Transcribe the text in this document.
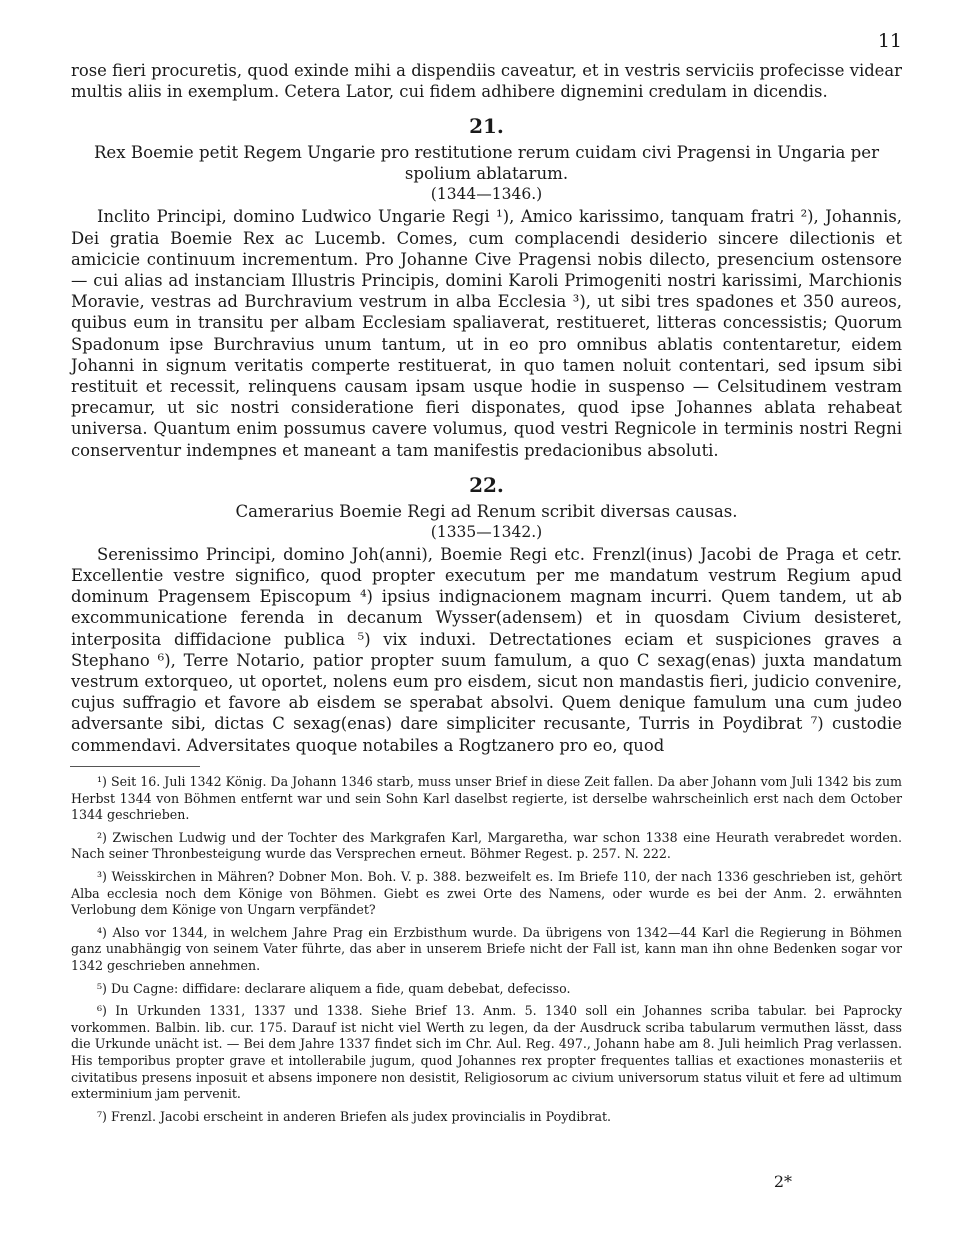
11

rose fieri procuretis, quod exinde mihi a dispendiis caveatur, et in vestris serviciis profecisse videar multis aliis in exemplum. Cetera Lator, cui fidem adhibere dignemini credulam in dicendis.

21.
Rex Boemie petit Regem Ungarie pro restitutione rerum cuidam civi Pragensi in Ungaria per spolium ablatarum.
(1344—1346.)

Inclito Principi, domino Ludwico Ungarie Regi ¹), Amico karissimo, tanquam fratri ²), Johannis, Dei gratia Boemie Rex ac Lucemb. Comes, cum complacendi desiderio sincere dilectionis et amicicie continuum incrementum. Pro Johanne Cive Pragensi nobis dilecto, presencium ostensore — cui alias ad instanciam Illustris Principis, domini Karoli Primogeniti nostri karissimi, Marchionis Moravie, vestras ad Burchravium vestrum in alba Ecclesia ³), ut sibi tres spadones et 350 aureos, quibus eum in transitu per albam Ecclesiam spaliaverat, restitueret, litteras concessistis; Quorum Spadonum ipse Burchravius unum tantum, ut in eo pro omnibus ablatis contentaretur, eidem Johanni in signum veritatis comperte restituerat, in quo tamen noluit contentari, sed ipsum sibi restituit et recessit, relinquens causam ipsam usque hodie in suspenso — Celsitudinem vestram precamur, ut sic nostri consideratione fieri disponates, quod ipse Johannes ablata rehabeat universa. Quantum enim possumus cavere volumus, quod vestri Regnicole in terminis nostri Regni conserventur indempnes et maneant a tam manifestis predacionibus absoluti.

22.
Camerarius Boemie Regi ad Renum scribit diversas causas.
(1335—1342.)

Serenissimo Principi, domino Joh(anni), Boemie Regi etc. Frenzl(inus) Jacobi de Praga et cetr. Excellentie vestre significo, quod propter executum per me mandatum vestrum Regium apud dominum Pragensem Episcopum ⁴) ipsius indignacionem magnam incurri. Quem tandem, ut ab excommunicatione ferenda in decanum Wysser(adensem) et in quosdam Civium desisteret, interposita diffidacione publica ⁵) vix induxi. Detrectationes eciam et suspiciones graves a Stephano ⁶), Terre Notario, patior propter suum famulum, a quo C sexag(enas) juxta mandatum vestrum extorqueo, ut oportet, nolens eum pro eisdem, sicut non mandastis fieri, judicio convenire, cujus suffragio et favore ab eisdem se sperabat absolvi. Quem denique famulum una cum judeo adversante sibi, dictas C sexag(enas) dare simpliciter recusante, Turris in Poydibrat ⁷) custodie commendavi. Adversitates quoque notabiles a Rogtzanero pro eo, quod

¹) Seit 16. Juli 1342 König. Da Johann 1346 starb, muss unser Brief in diese Zeit fallen. Da aber Johann vom Juli 1342 bis zum Herbst 1344 von Böhmen entfernt war und sein Sohn Karl daselbst regierte, ist derselbe wahrscheinlich erst nach dem October 1344 geschrieben.

²) Zwischen Ludwig und der Tochter des Markgrafen Karl, Margaretha, war schon 1338 eine Heurath verabredet worden. Nach seiner Thronbesteigung wurde das Versprechen erneut. Böhmer Regest. p. 257. N. 222.

³) Weisskirchen in Mähren? Dobner Mon. Boh. V. p. 388. bezweifelt es. Im Briefe 110, der nach 1336 geschrieben ist, gehört Alba ecclesia noch dem Könige von Böhmen. Giebt es zwei Orte des Namens, oder wurde es bei der Anm. 2. erwähnten Verlobung dem Könige von Ungarn verpfändet?

⁴) Also vor 1344, in welchem Jahre Prag ein Erzbisthum wurde. Da übrigens von 1342—44 Karl die Regierung in Böhmen ganz unabhängig von seinem Vater führte, das aber in unserem Briefe nicht der Fall ist, kann man ihn ohne Bedenken sogar vor 1342 geschrieben annehmen.

⁵) Du Cagne: diffidare: declarare aliquem a fide, quam debebat, defecisso.

⁶) In Urkunden 1331, 1337 und 1338. Siehe Brief 13. Anm. 5. 1340 soll ein Johannes scriba tabular. bei Paprocky vorkommen. Balbin. lib. cur. 175. Darauf ist nicht viel Werth zu legen, da der Ausdruck scriba tabularum vermuthen lässt, dass die Urkunde unächt ist. — Bei dem Jahre 1337 findet sich im Chr. Aul. Reg. 497., Johann habe am 8. Juli heimlich Prag verlassen. His temporibus propter grave et intollerabile jugum, quod Johannes rex propter frequentes tallias et exactiones monasteriis et civitatibus presens inposuit et absens imponere non desistit, Religiosorum ac civium universorum status viluit et fere ad ultimum exterminium jam pervenit.

⁷) Frenzl. Jacobi erscheint in anderen Briefen als judex provincialis in Poydibrat.

2*
